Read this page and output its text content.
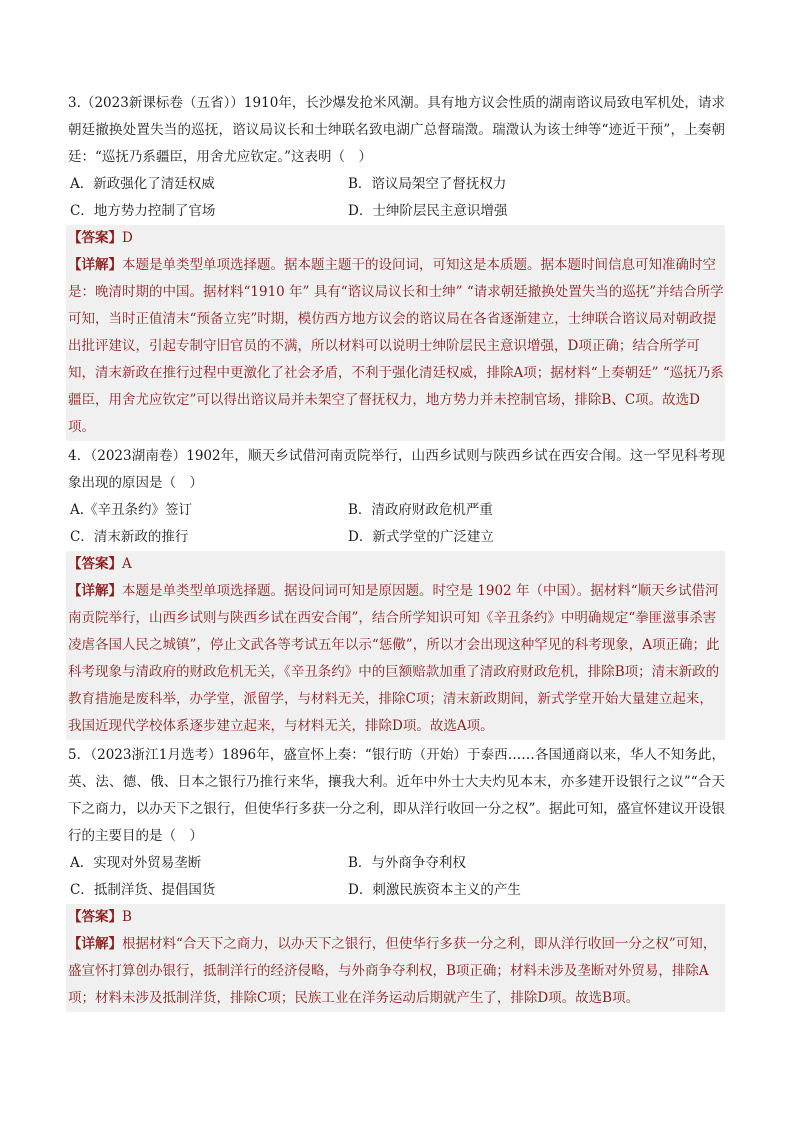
3.（2023新课标卷（五省））1910年，长沙爆发抢米风潮。具有地方议会性质的湖南谘议局致电军机处，请求朝廷撤换处置失当的巡抚，谘议局议长和士绅联名致电湖广总督瑞澂。瑞澂认为该士绅等“迹近干预”，上奏朝廷：“巡抚乃系疆臣，用舍尤应钦定。”这表明（　）

A．新政强化了清廷权威	B．谘议局架空了督抚权力
C．地方势力控制了官场	D．士绅阶层民主意识增强

【答案】D

【详解】本题是单类型单项选择题。据本题主题干的设问词，可知这是本质题。据本题时间信息可知准确时空是：晚清时期的中国。据材料“1910 年” 具有“谘议局议长和士绅” “请求朝廷撤换处置失当的巡抚”并结合所学可知，当时正值清末“预备立宪”时期，模仿西方地方议会的谘议局在各省逐渐建立，士绅联合谘议局对朝政提出批评建议，引起专制守旧官员的不满，所以材料可以说明士绅阶层民主意识增强，D项正确；结合所学可知，清末新政在推行过程中更激化了社会矛盾，不利于强化清廷权威，排除A项；据材料“上奏朝廷” “巡抚乃系疆臣，用舍尤应钦定”可以得出谘议局并未架空了督抚权力，地方势力并未控制官场，排除B、C项。故选D项。

4．（2023湖南卷）1902年，顺天乡试借河南贡院举行，山西乡试则与陕西乡试在西安合闱。这一罕见科考现象出现的原因是（　）

A.《辛丑条约》签订	B．清政府财政危机严重
C．清末新政的推行	D．新式学堂的广泛建立

【答案】A

【详解】本题是单类型单项选择题。据设问词可知是原因题。时空是 1902 年（中国）。据材料“顺天乡试借河南贡院举行，山西乡试则与陕西乡试在西安合闱”，结合所学知识可知《辛丑条约》中明确规定“拳匪滋事杀害凌虐各国人民之城镇”，停止文武各等考试五年以示“惩儆”，所以才会出现这种罕见的科考现象，A项正确；此科考现象与清政府的财政危机无关，《辛丑条约》中的巨额赔款加重了清政府财政危机，排除B项；清末新政的教育措施是废科举，办学堂，派留学，与材料无关，排除C项；清末新政期间，新式学堂开始大量建立起来，我国近现代学校体系逐步建立起来，与材料无关，排除D项。故选A项。

5．（2023浙江1月选考）1896年，盛宣怀上奏：“银行昉（开始）于泰西……各国通商以来，华人不知务此，英、法、德、俄、日本之银行乃推行来华，攘我大利。近年中外士大夫灼见本末，亦多建开设银行之议”“合天下之商力，以办天下之银行，但使华行多获一分之利，即从洋行收回一分之权”。据此可知，盛宣怀建议开设银行的主要目的是（　）

A．实现对外贸易垄断	B．与外商争夺利权
C．抵制洋货、提倡国货	D．刺激民族资本主义的产生

【答案】B

【详解】根据材料“合天下之商力，以办天下之银行，但使华行多获一分之利，即从洋行收回一分之权”可知，盛宣怀打算创办银行，抵制洋行的经济侵略，与外商争夺利权，B项正确；材料未涉及垄断对外贸易，排除A项；材料未涉及抵制洋货，排除C项；民族工业在洋务运动后期就产生了，排除D项。故选B项。
